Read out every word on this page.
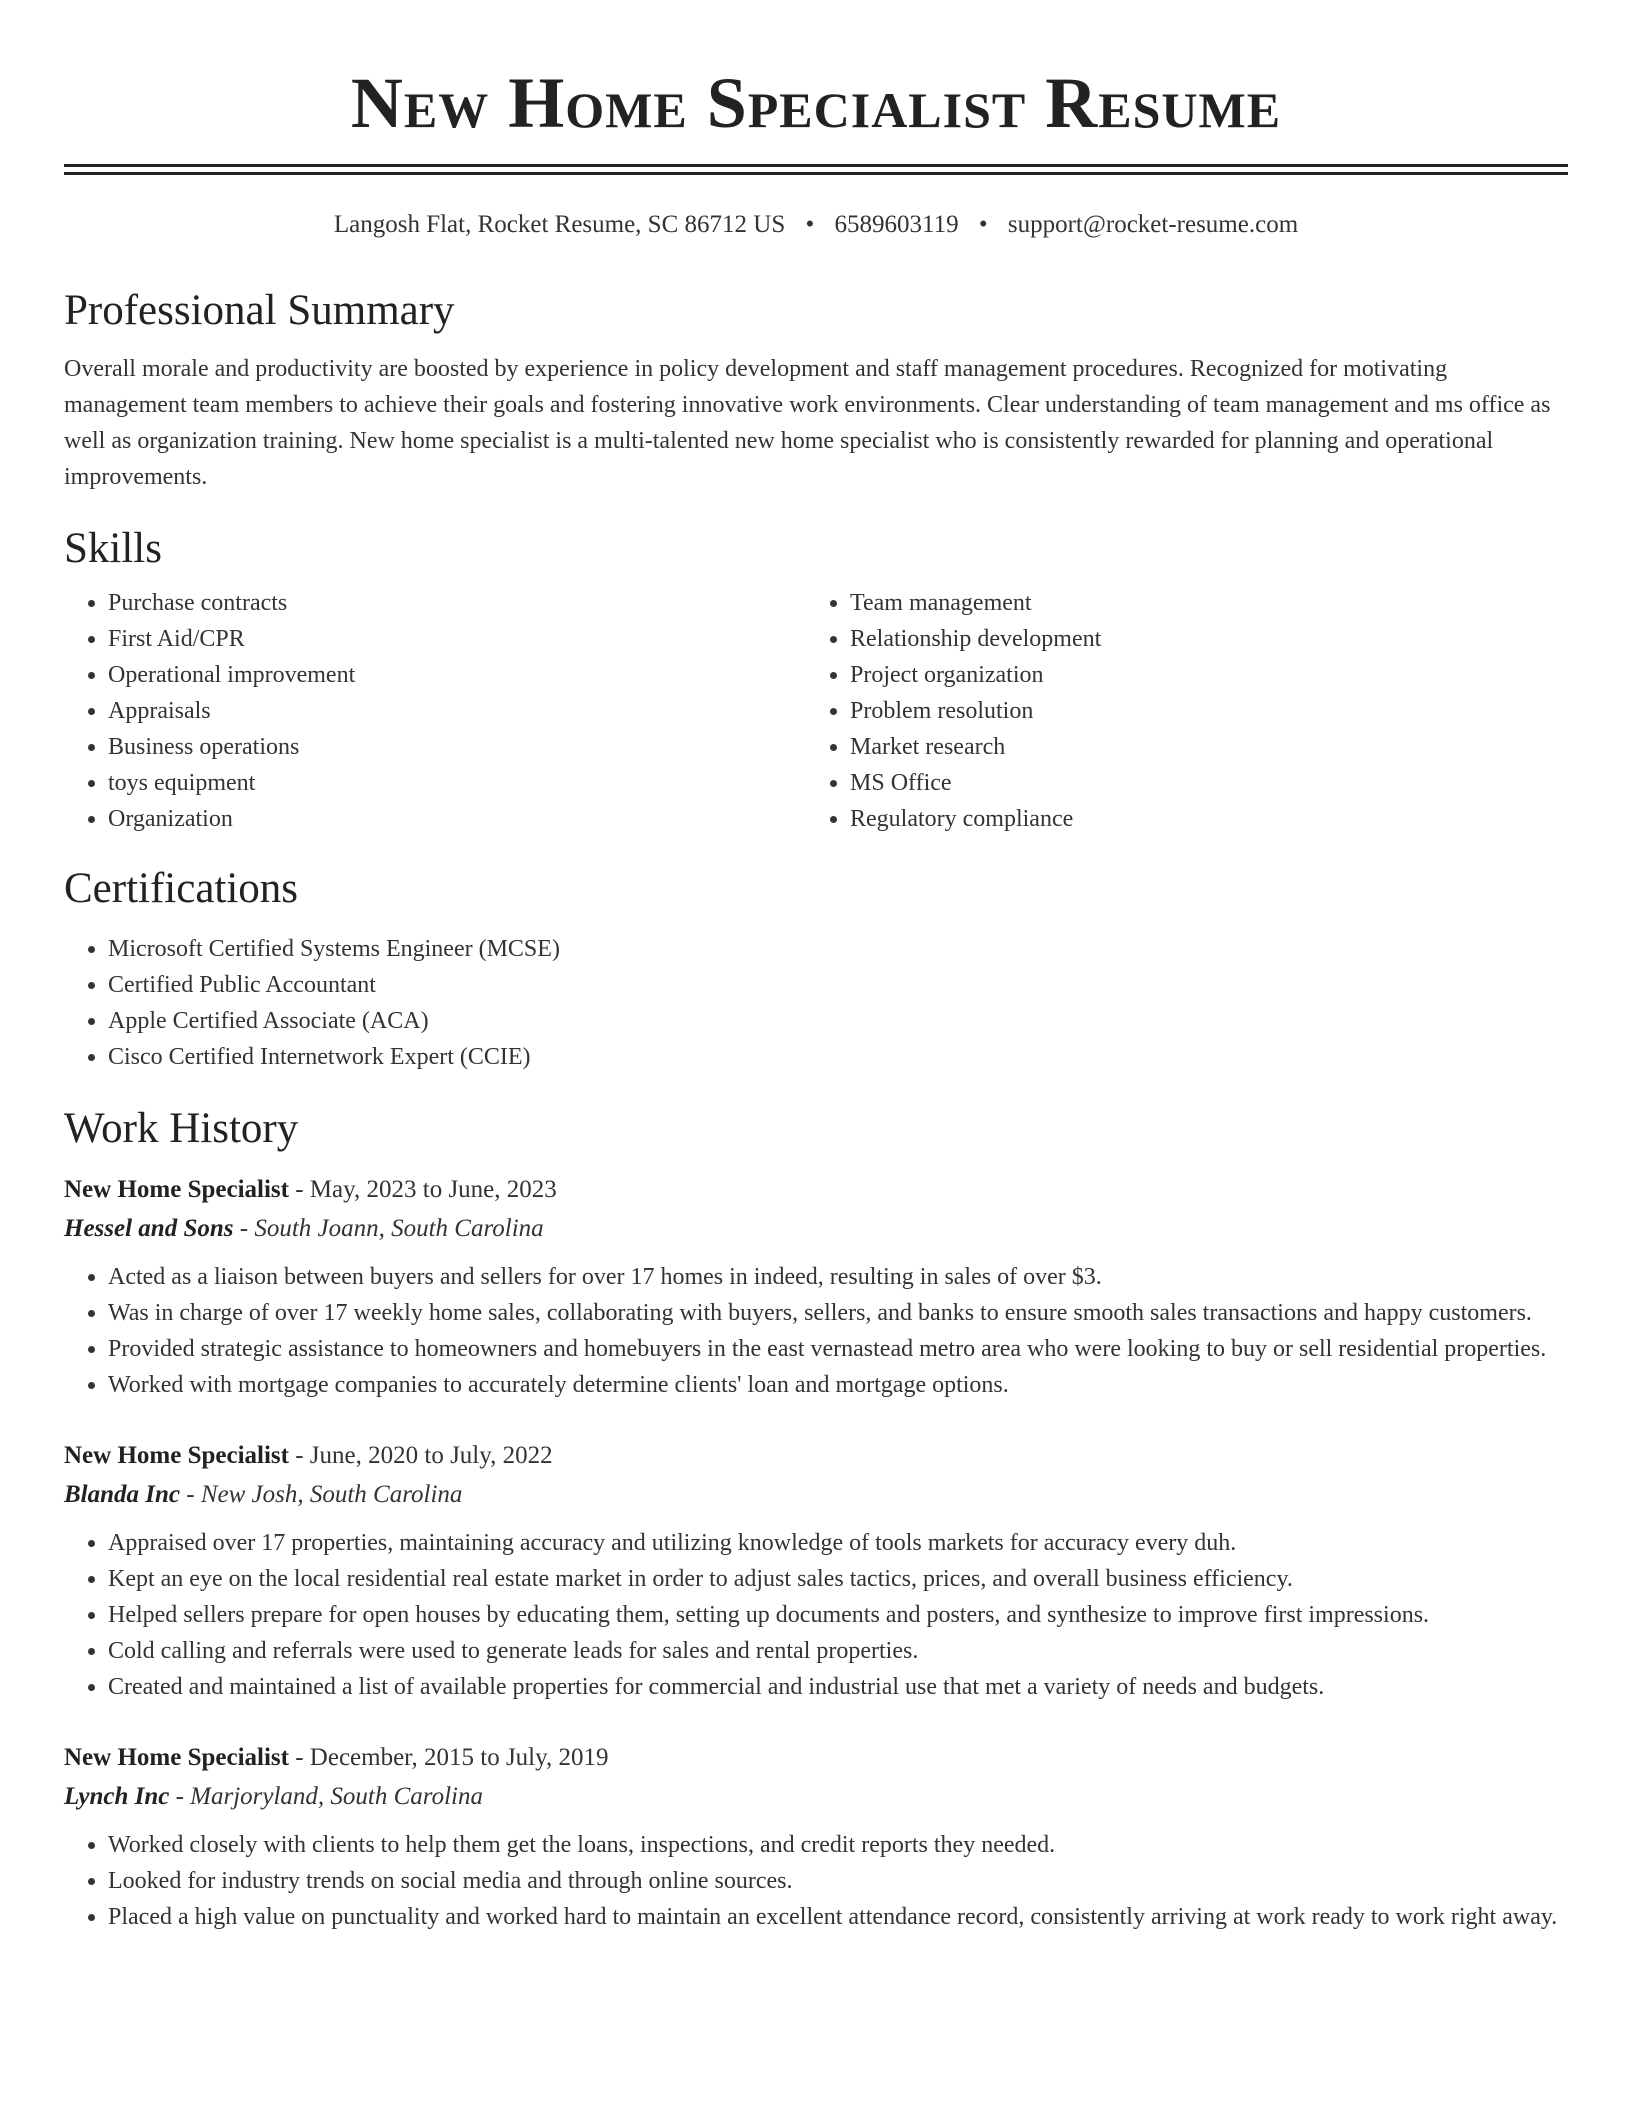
New Home Specialist Resume
Langosh Flat, Rocket Resume, SC 86712 US • 6589603119 • support@rocket-resume.com
Professional Summary

Overall morale and productivity are boosted by experience in policy development and staff management procedures. Recognized for motivating management team members to achieve their goals and fostering innovative work environments. Clear understanding of team management and ms office as well as organization training. New home specialist is a multi-talented new home specialist who is consistently rewarded for planning and operational improvements.

Skills
• Purchase contracts
• First Aid/CPR
• Operational improvement
• Appraisals
• Business operations
• toys equipment
• Organization
• Team management
• Relationship development
• Project organization
• Problem resolution
• Market research
• MS Office
• Regulatory compliance
Certifications
• Microsoft Certified Systems Engineer (MCSE)
• Certified Public Accountant
• Apple Certified Associate (ACA)
• Cisco Certified Internetwork Expert (CCIE)
Work History
New Home Specialist - May, 2023 to June, 2023
Hessel and Sons - South Joann, South Carolina
• Acted as a liaison between buyers and sellers for over 17 homes in indeed, resulting in sales of over $3.
• Was in charge of over 17 weekly home sales, collaborating with buyers, sellers, and banks to ensure smooth sales transactions and happy customers.
• Provided strategic assistance to homeowners and homebuyers in the east vernastead metro area who were looking to buy or sell residential properties.
• Worked with mortgage companies to accurately determine clients' loan and mortgage options.
New Home Specialist - June, 2020 to July, 2022
Blanda Inc - New Josh, South Carolina
• Appraised over 17 properties, maintaining accuracy and utilizing knowledge of tools markets for accuracy every duh.
• Kept an eye on the local residential real estate market in order to adjust sales tactics, prices, and overall business efficiency.
• Helped sellers prepare for open houses by educating them, setting up documents and posters, and synthesize to improve first impressions.
• Cold calling and referrals were used to generate leads for sales and rental properties.
• Created and maintained a list of available properties for commercial and industrial use that met a variety of needs and budgets.
New Home Specialist - December, 2015 to July, 2019
Lynch Inc - Marjoryland, South Carolina
• Worked closely with clients to help them get the loans, inspections, and credit reports they needed.
• Looked for industry trends on social media and through online sources.
• Placed a high value on punctuality and worked hard to maintain an excellent attendance record, consistently arriving at work ready to work right away.
